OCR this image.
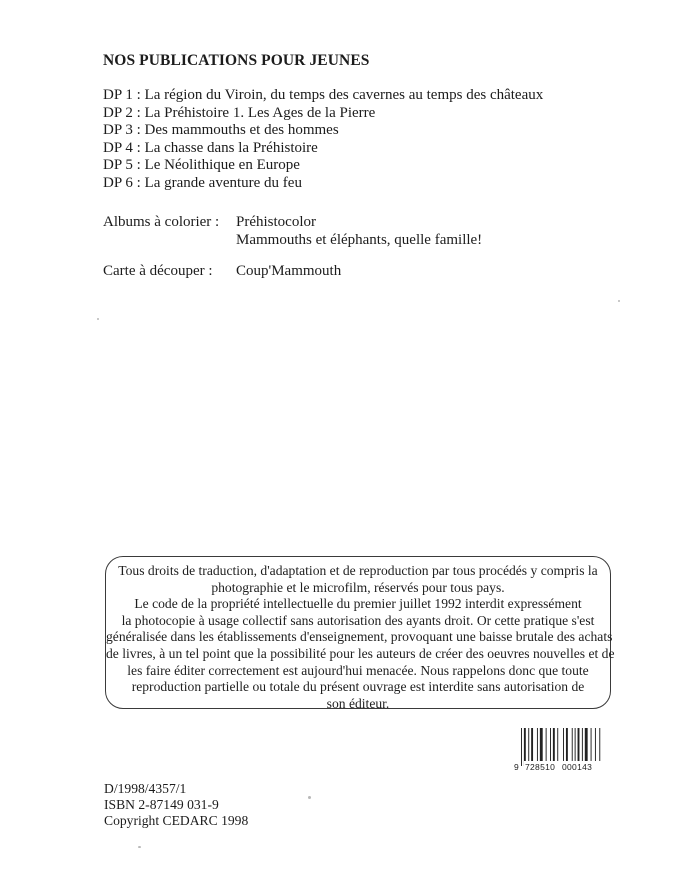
NOS PUBLICATIONS POUR JEUNES
DP 1 : La région du Viroin, du temps des cavernes au temps des châteaux
DP 2 : La Préhistoire 1. Les Ages de la Pierre
DP 3 : Des mammouths et des hommes
DP 4 : La chasse dans la Préhistoire
DP 5 : Le Néolithique en Europe
DP 6 : La grande aventure du feu
Albums à colorier : Préhistocolor
Mammouths et éléphants, quelle famille!
Carte à découper : Coup'Mammouth
Tous droits de traduction, d'adaptation et de reproduction par tous procédés y compris la
photographie et le microfilm, réservés pour tous pays.
Le code de la propriété intellectuelle du premier juillet 1992 interdit expressément
la photocopie à usage collectif sans autorisation des ayants droit. Or cette pratique s'est
généralisée dans les établissements d'enseignement, provoquant une baisse brutale des achats
de livres, à un tel point que la possibilité pour les auteurs de créer des oeuvres nouvelles et de
les faire éditer correctement est aujourd'hui menacée. Nous rappelons donc que toute
reproduction partielle ou totale du présent ouvrage est interdite sans autorisation de
son éditeur.
9 728510 000143
D/1998/4357/1
ISBN 2-87149 031-9
Copyright CEDARC 1998
